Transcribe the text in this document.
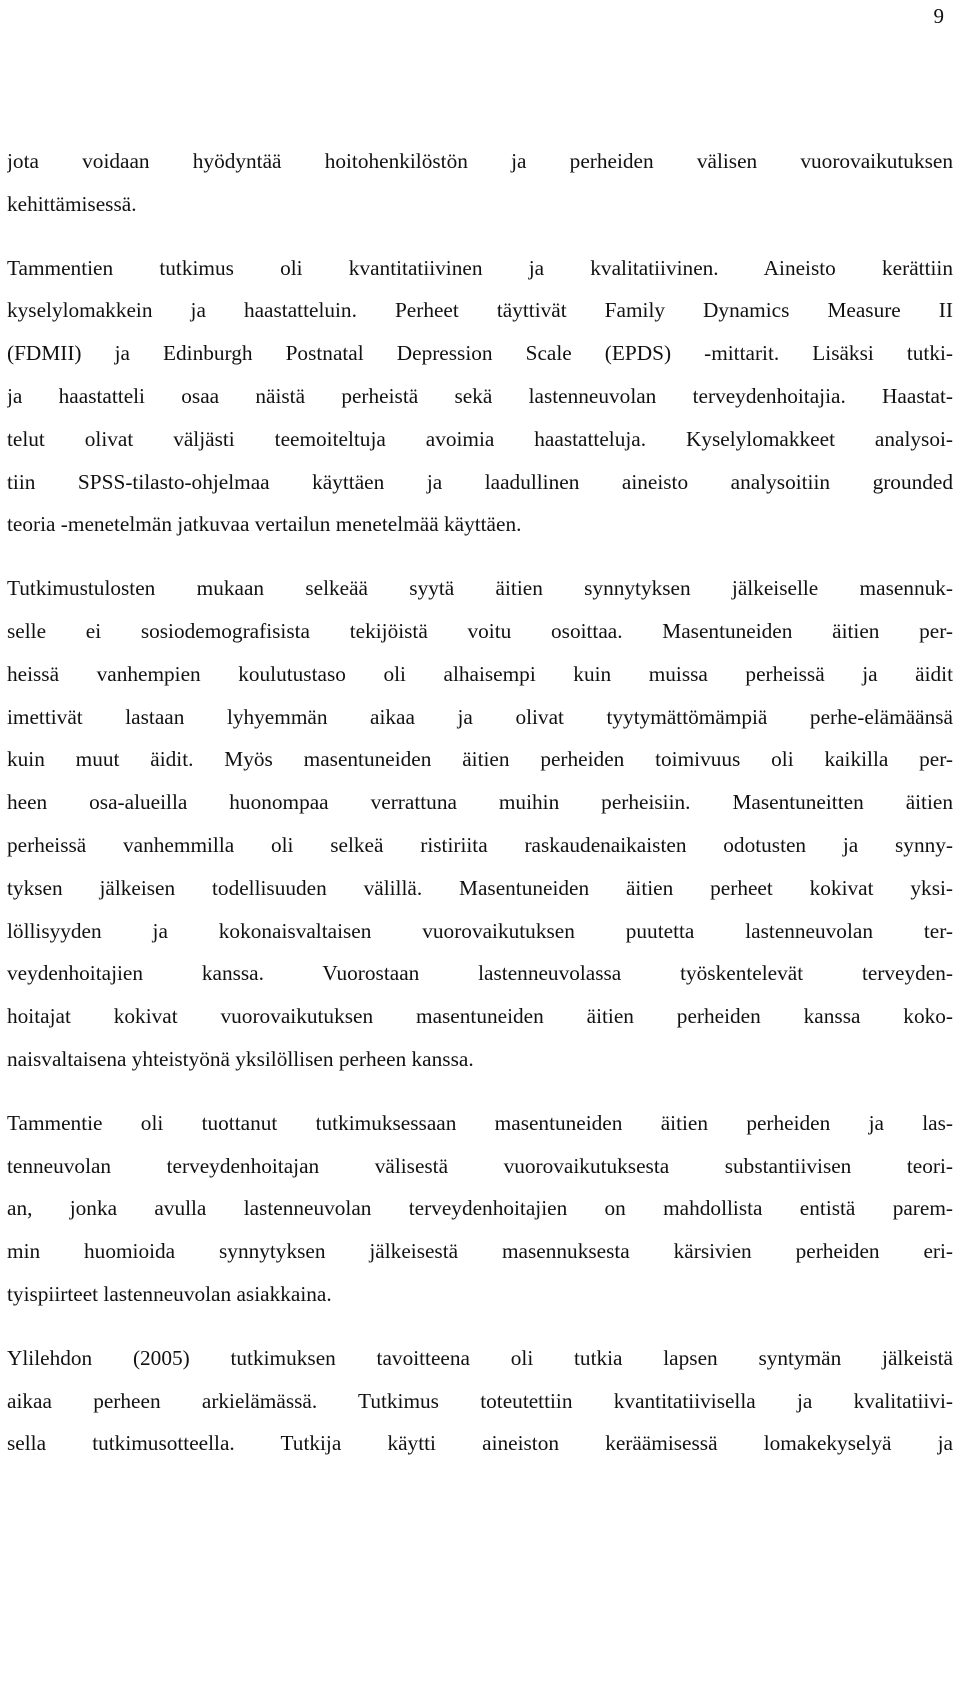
9
jota voidaan hyödyntää hoitohenkilöstön ja perheiden välisen vuorovaikutuksen
kehittämisessä.
Tammentien tutkimus oli kvantitatiivinen ja kvalitatiivinen. Aineisto kerättiin
kyselylomakkein ja haastatteluin. Perheet täyttivät Family Dynamics Measure II
(FDMII) ja Edinburgh Postnatal Depression Scale (EPDS) -mittarit. Lisäksi tutki-
ja haastatteli osaa näistä perheistä sekä lastenneuvolan terveydenhoitajia. Haastat-
telut olivat väljästi teemoiteltuja avoimia haastatteluja. Kyselylomakkeet analysoi-
tiin SPSS-tilasto-ohjelmaa käyttäen ja laadullinen aineisto analysoitiin grounded
teoria -menetelmän jatkuvaa vertailun menetelmää käyttäen.
Tutkimustulosten mukaan selkeää syytä äitien synnytyksen jälkeiselle masennuk-
selle ei sosiodemografisista tekijöistä voitu osoittaa. Masentuneiden äitien per-
heissä vanhempien koulutustaso oli alhaisempi kuin muissa perheissä ja äidit
imettivät lastaan lyhyemmän aikaa ja olivat tyytymättömämpiä perhe-elämäänsä
kuin muut äidit. Myös masentuneiden äitien perheiden toimivuus oli kaikilla per-
heen osa-alueilla huonompaa verrattuna muihin perheisiin. Masentuneitten äitien
perheissä vanhemmilla oli selkeä ristiriita raskaudenaikaisten odotusten ja synny-
tyksen jälkeisen todellisuuden välillä. Masentuneiden äitien perheet kokivat yksi-
löllisyyden ja kokonaisvaltaisen vuorovaikutuksen puutetta lastenneuvolan ter-
veydenhoitajien kanssa. Vuorostaan lastenneuvolassa työskentelevät terveyden-
hoitajat kokivat vuorovaikutuksen masentuneiden äitien perheiden kanssa koko-
naisvaltaisena yhteistyönä yksilöllisen perheen kanssa.
Tammentie oli tuottanut tutkimuksessaan masentuneiden äitien perheiden ja las-
tenneuvolan terveydenhoitajan välisestä vuorovaikutuksesta substantiivisen teori-
an, jonka avulla lastenneuvolan terveydenhoitajien on mahdollista entistä parem-
min huomioida synnytyksen jälkeisestä masennuksesta kärsivien perheiden eri-
tyispiirteet lastenneuvolan asiakkaina.
Ylilehdon (2005) tutkimuksen tavoitteena oli tutkia lapsen syntymän jälkeistä
aikaa perheen arkielämässä. Tutkimus toteutettiin kvantitatiivisella ja kvalitatiivi-
sella tutkimusotteella. Tutkija käytti aineiston keräämisessä lomakekyselyä ja
